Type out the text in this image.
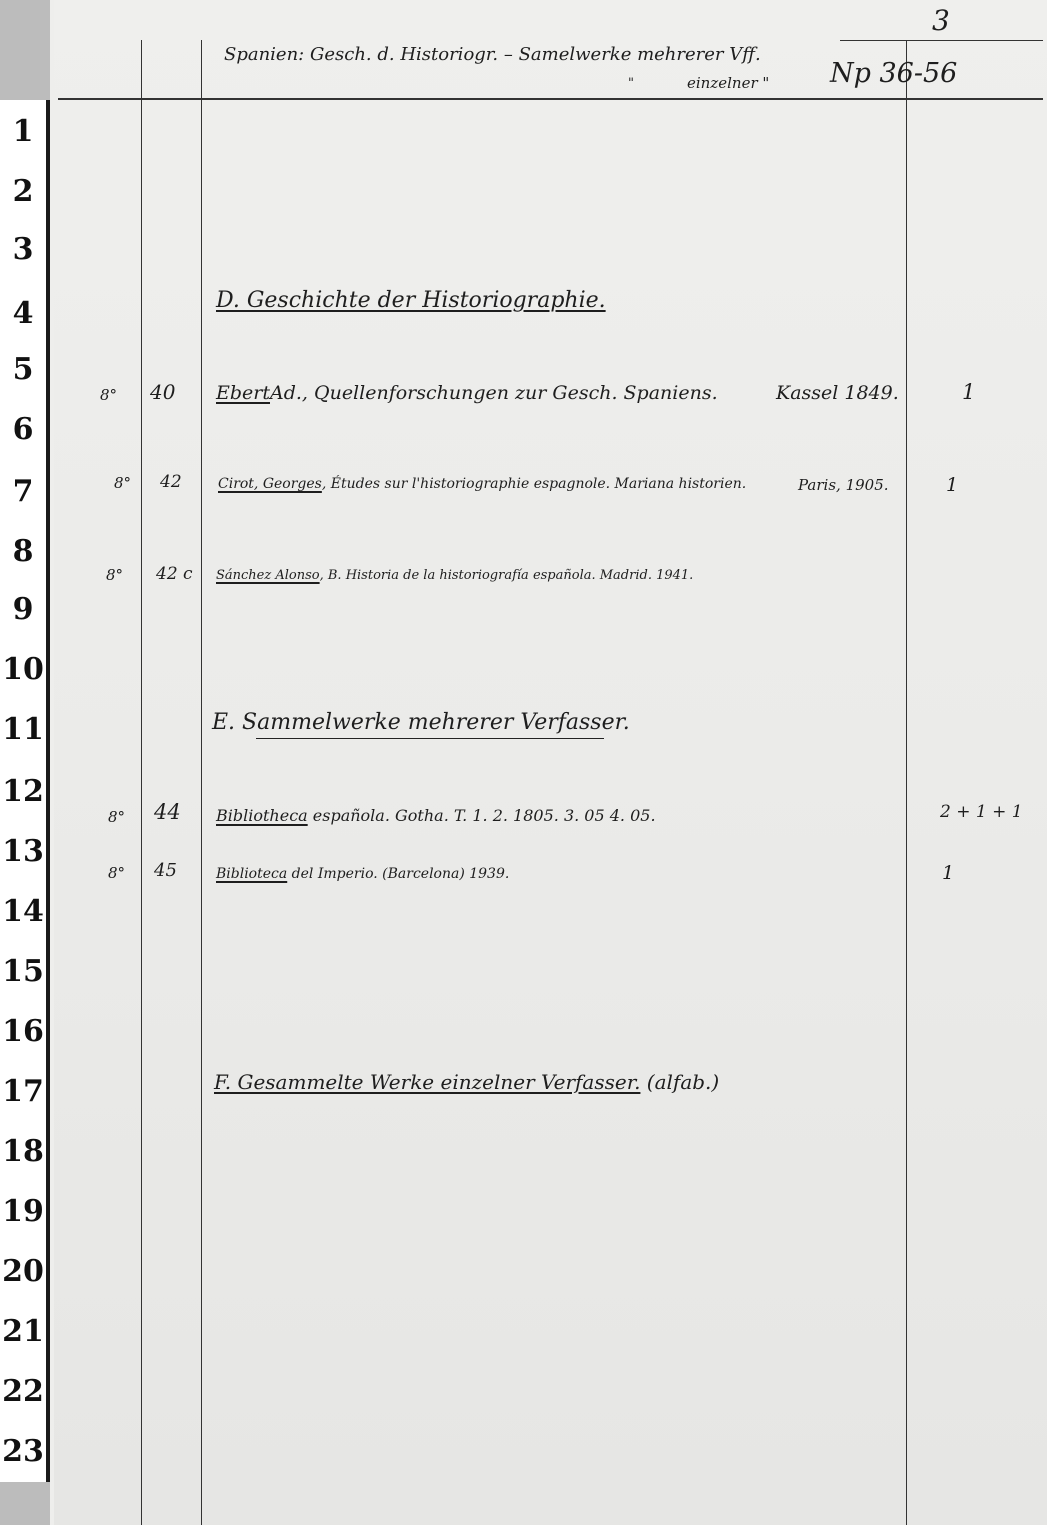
1
2
3
4
5
6
7
8
9
10
11
12
13
14
15
16
17
18
19
20
21
22
23
3
Spanien: Gesch. d. Historiogr. – Samelwerke mehrerer Vff.
"	einzelner " Np 36-56
D. Geschichte der Historiographie.
8° 40 EbertAd., Quellenforschungen zur Gesch. Spaniens.	Kassel 1849.	1
8° 42	Cirot, Georges, Études sur l'historiographie espagnole. Mariana historien.	Paris, 1905.	1
8° 42 c Sánchez Alonso, B. Historia de la historiografía española. Madrid. 1941.
E. Sammelwerke mehrerer Verfasser.
8° 44 Bibliotheca española. Gotha. T. 1. 2. 1805. 3. 05 4. 05.	2 + 1 + 1
8° 45	Biblioteca del Imperio. (Barcelona) 1939.	1
F. Gesammelte Werke einzelner Verfasser. (alfab.)
